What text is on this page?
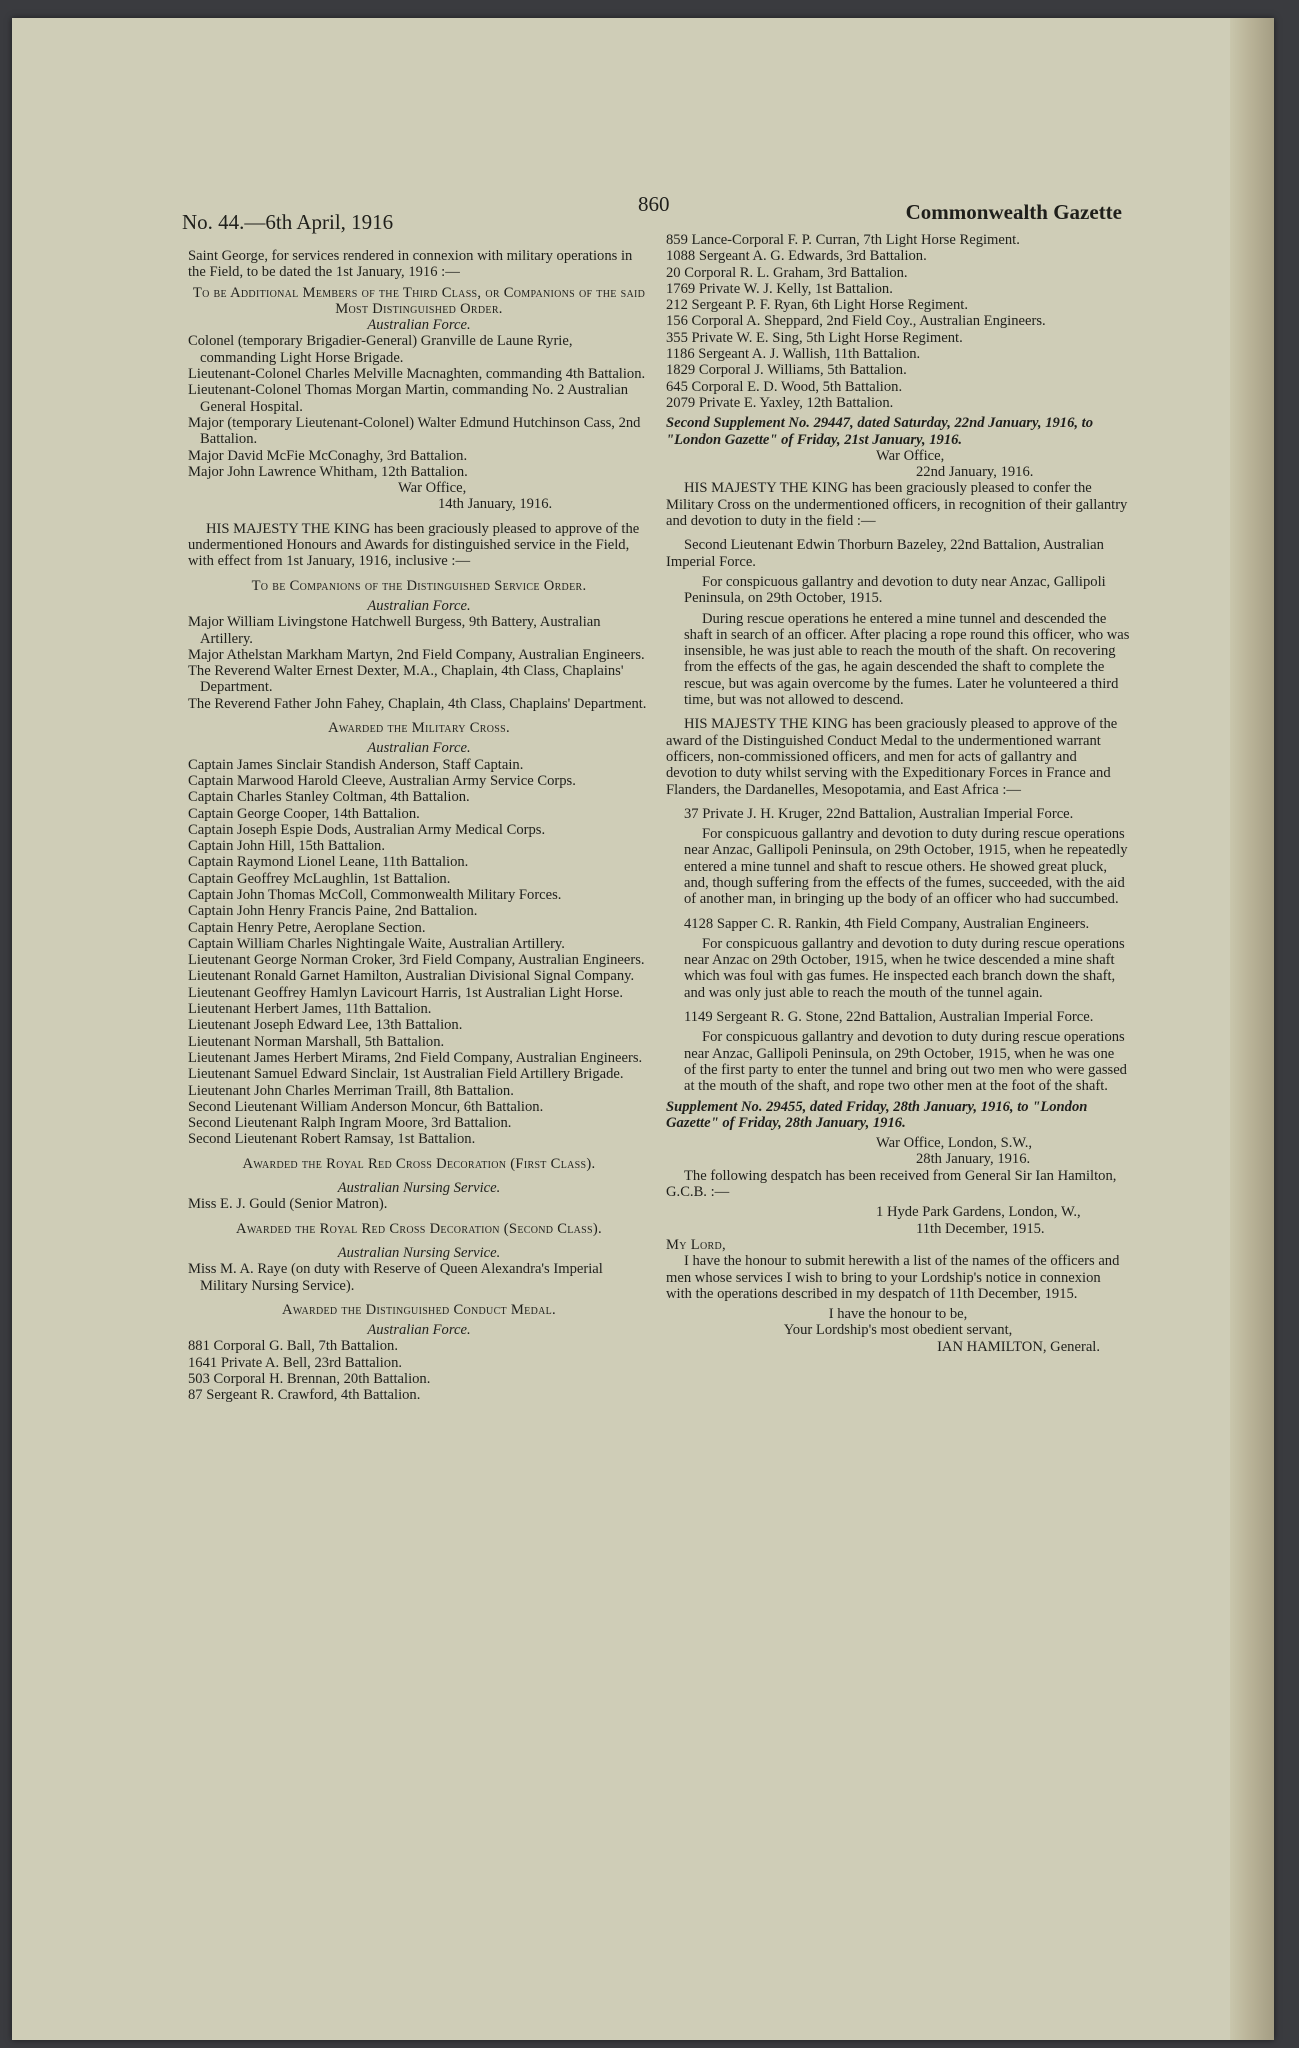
No. 44.—6th April, 1916
860	Commonwealth Gazette

Saint George, for services rendered in connexion with military operations in the Field, to be dated the 1st January, 1916 :—

To be Additional Members of the Third Class, or Companions of the said Most Distinguished Order.

Australian Force.

Colonel (temporary Brigadier-General) Granville de Laune Ryrie, commanding Light Horse Brigade.

Lieutenant-Colonel Charles Melville Macnaghten, commanding 4th Battalion.

Lieutenant-Colonel Thomas Morgan Martin, commanding No. 2 Australian General Hospital.

Major (temporary Lieutenant-Colonel) Walter Edmund Hutchinson Cass, 2nd Battalion.

Major David McFie McConaghy, 3rd Battalion.

Major John Lawrence Whitham, 12th Battalion.

War Office,

14th January, 1916.

HIS MAJESTY THE KING has been graciously pleased to approve of the undermentioned Honours and Awards for distinguished service in the Field, with effect from 1st January, 1916, inclusive :—

To be Companions of the Distinguished Service Order.

Australian Force.

Major William Livingstone Hatchwell Burgess, 9th Battery, Australian Artillery.

Major Athelstan Markham Martyn, 2nd Field Company, Australian Engineers.

The Reverend Walter Ernest Dexter, M.A., Chaplain, 4th Class, Chaplains' Department.

The Reverend Father John Fahey, Chaplain, 4th Class, Chaplains' Department.

Awarded the Military Cross.

Australian Force.

Captain James Sinclair Standish Anderson, Staff Captain.

Captain Marwood Harold Cleeve, Australian Army Service Corps.

Captain Charles Stanley Coltman, 4th Battalion.

Captain George Cooper, 14th Battalion.

Captain Joseph Espie Dods, Australian Army Medical Corps.

Captain John Hill, 15th Battalion.

Captain Raymond Lionel Leane, 11th Battalion.

Captain Geoffrey McLaughlin, 1st Battalion.

Captain John Thomas McColl, Commonwealth Military Forces.

Captain John Henry Francis Paine, 2nd Battalion.

Captain Henry Petre, Aeroplane Section.

Captain William Charles Nightingale Waite, Australian Artillery.

Lieutenant George Norman Croker, 3rd Field Company, Australian Engineers.

Lieutenant Ronald Garnet Hamilton, Australian Divisional Signal Company.

Lieutenant Geoffrey Hamlyn Lavicourt Harris, 1st Australian Light Horse.

Lieutenant Herbert James, 11th Battalion.

Lieutenant Joseph Edward Lee, 13th Battalion.

Lieutenant Norman Marshall, 5th Battalion.

Lieutenant James Herbert Mirams, 2nd Field Company, Australian Engineers.

Lieutenant Samuel Edward Sinclair, 1st Australian Field Artillery Brigade.

Lieutenant John Charles Merriman Traill, 8th Battalion.

Second Lieutenant William Anderson Moncur, 6th Battalion.

Second Lieutenant Ralph Ingram Moore, 3rd Battalion.

Second Lieutenant Robert Ramsay, 1st Battalion.

Awarded the Royal Red Cross Decoration (First Class).

Australian Nursing Service.

Miss E. J. Gould (Senior Matron).

Awarded the Royal Red Cross Decoration (Second Class).

Australian Nursing Service.

Miss M. A. Raye (on duty with Reserve of Queen Alexandra's Imperial Military Nursing Service).

Awarded the Distinguished Conduct Medal.

Australian Force.

881 Corporal G. Ball, 7th Battalion.

1641 Private A. Bell, 23rd Battalion.

503 Corporal H. Brennan, 20th Battalion.

87 Sergeant R. Crawford, 4th Battalion.

859 Lance-Corporal F. P. Curran, 7th Light Horse Regiment.

1088 Sergeant A. G. Edwards, 3rd Battalion.

20 Corporal R. L. Graham, 3rd Battalion.

1769 Private W. J. Kelly, 1st Battalion.

212 Sergeant P. F. Ryan, 6th Light Horse Regiment.

156 Corporal A. Sheppard, 2nd Field Coy., Australian Engineers.

355 Private W. E. Sing, 5th Light Horse Regiment.

1186 Sergeant A. J. Wallish, 11th Battalion.

1829 Corporal J. Williams, 5th Battalion.

645 Corporal E. D. Wood, 5th Battalion.

2079 Private E. Yaxley, 12th Battalion.

Second Supplement No. 29447, dated Saturday, 22nd January, 1916, to "London Gazette" of Friday, 21st January, 1916.

War Office,

22nd January, 1916.

HIS MAJESTY THE KING has been graciously pleased to confer the Military Cross on the undermentioned officers, in recognition of their gallantry and devotion to duty in the field :—

Second Lieutenant Edwin Thorburn Bazeley, 22nd Battalion, Australian Imperial Force.

For conspicuous gallantry and devotion to duty near Anzac, Gallipoli Peninsula, on 29th October, 1915.

During rescue operations he entered a mine tunnel and descended the shaft in search of an officer. After placing a rope round this officer, who was insensible, he was just able to reach the mouth of the shaft. On recovering from the effects of the gas, he again descended the shaft to complete the rescue, but was again overcome by the fumes. Later he volunteered a third time, but was not allowed to descend.

HIS MAJESTY THE KING has been graciously pleased to approve of the award of the Distinguished Conduct Medal to the undermentioned warrant officers, non-commissioned officers, and men for acts of gallantry and devotion to duty whilst serving with the Expeditionary Forces in France and Flanders, the Dardanelles, Mesopotamia, and East Africa :—

37 Private J. H. Kruger, 22nd Battalion, Australian Imperial Force.

For conspicuous gallantry and devotion to duty during rescue operations near Anzac, Gallipoli Peninsula, on 29th October, 1915, when he repeatedly entered a mine tunnel and shaft to rescue others. He showed great pluck, and, though suffering from the effects of the fumes, succeeded, with the aid of another man, in bringing up the body of an officer who had succumbed.

4128 Sapper C. R. Rankin, 4th Field Company, Australian Engineers.

For conspicuous gallantry and devotion to duty during rescue operations near Anzac on 29th October, 1915, when he twice descended a mine shaft which was foul with gas fumes. He inspected each branch down the shaft, and was only just able to reach the mouth of the tunnel again.

1149 Sergeant R. G. Stone, 22nd Battalion, Australian Imperial Force.

For conspicuous gallantry and devotion to duty during rescue operations near Anzac, Gallipoli Peninsula, on 29th October, 1915, when he was one of the first party to enter the tunnel and bring out two men who were gassed at the mouth of the shaft, and rope two other men at the foot of the shaft.

Supplement No. 29455, dated Friday, 28th January, 1916, to "London Gazette" of Friday, 28th January, 1916.

War Office, London, S.W.,

28th January, 1916.

The following despatch has been received from General Sir Ian Hamilton, G.C.B. :—

1 Hyde Park Gardens, London, W.,

11th December, 1915.

My Lord,

I have the honour to submit herewith a list of the names of the officers and men whose services I wish to bring to your Lordship's notice in connexion with the operations described in my despatch of 11th December, 1915.

I have the honour to be,

Your Lordship's most obedient servant,

IAN HAMILTON, General.
